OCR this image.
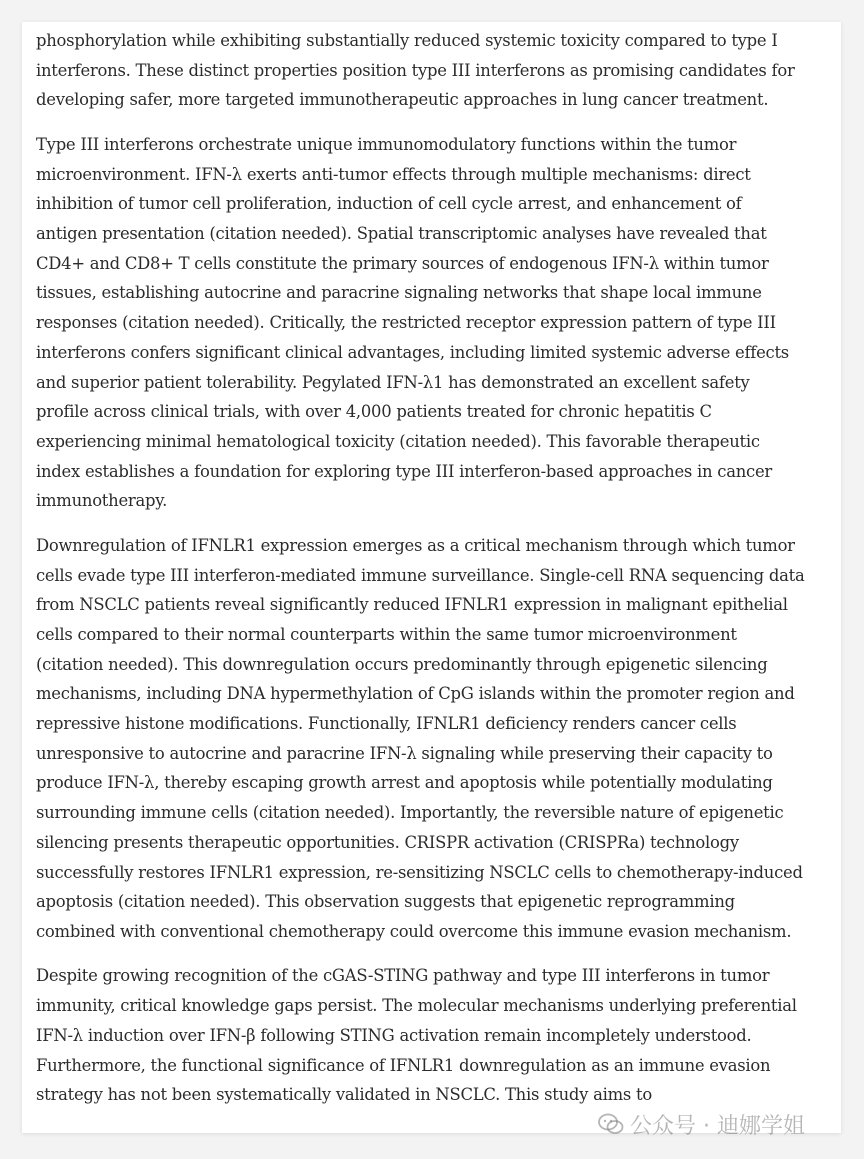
phosphorylation while exhibiting substantially reduced systemic toxicity compared to type I interferons. These distinct properties position type III interferons as promising candidates for developing safer, more targeted immunotherapeutic approaches in lung cancer treatment.

Type III interferons orchestrate unique immunomodulatory functions within the tumor microenvironment. IFN-λ exerts anti-tumor effects through multiple mechanisms: direct inhibition of tumor cell proliferation, induction of cell cycle arrest, and enhancement of antigen presentation (citation needed). Spatial transcriptomic analyses have revealed that CD4+ and CD8+ T cells constitute the primary sources of endogenous IFN-λ within tumor tissues, establishing autocrine and paracrine signaling networks that shape local immune responses (citation needed). Critically, the restricted receptor expression pattern of type III interferons confers significant clinical advantages, including limited systemic adverse effects and superior patient tolerability. Pegylated IFN-λ1 has demonstrated an excellent safety profile across clinical trials, with over 4,000 patients treated for chronic hepatitis C experiencing minimal hematological toxicity (citation needed). This favorable therapeutic index establishes a foundation for exploring type III interferon-based approaches in cancer immunotherapy.

Downregulation of IFNLR1 expression emerges as a critical mechanism through which tumor cells evade type III interferon-mediated immune surveillance. Single-cell RNA sequencing data from NSCLC patients reveal significantly reduced IFNLR1 expression in malignant epithelial cells compared to their normal counterparts within the same tumor microenvironment (citation needed). This downregulation occurs predominantly through epigenetic silencing mechanisms, including DNA hypermethylation of CpG islands within the promoter region and repressive histone modifications. Functionally, IFNLR1 deficiency renders cancer cells unresponsive to autocrine and paracrine IFN-λ signaling while preserving their capacity to produce IFN-λ, thereby escaping growth arrest and apoptosis while potentially modulating surrounding immune cells (citation needed). Importantly, the reversible nature of epigenetic silencing presents therapeutic opportunities. CRISPR activation (CRISPRa) technology successfully restores IFNLR1 expression, re-sensitizing NSCLC cells to chemotherapy-induced apoptosis (citation needed). This observation suggests that epigenetic reprogramming combined with conventional chemotherapy could overcome this immune evasion mechanism.

Despite growing recognition of the cGAS-STING pathway and type III interferons in tumor immunity, critical knowledge gaps persist. The molecular mechanisms underlying preferential IFN-λ induction over IFN-β following STING activation remain incompletely understood. Furthermore, the functional significance of IFNLR1 downregulation as an immune evasion strategy has not been systematically validated in NSCLC. This study aims to

公众号 · 迪娜学姐
